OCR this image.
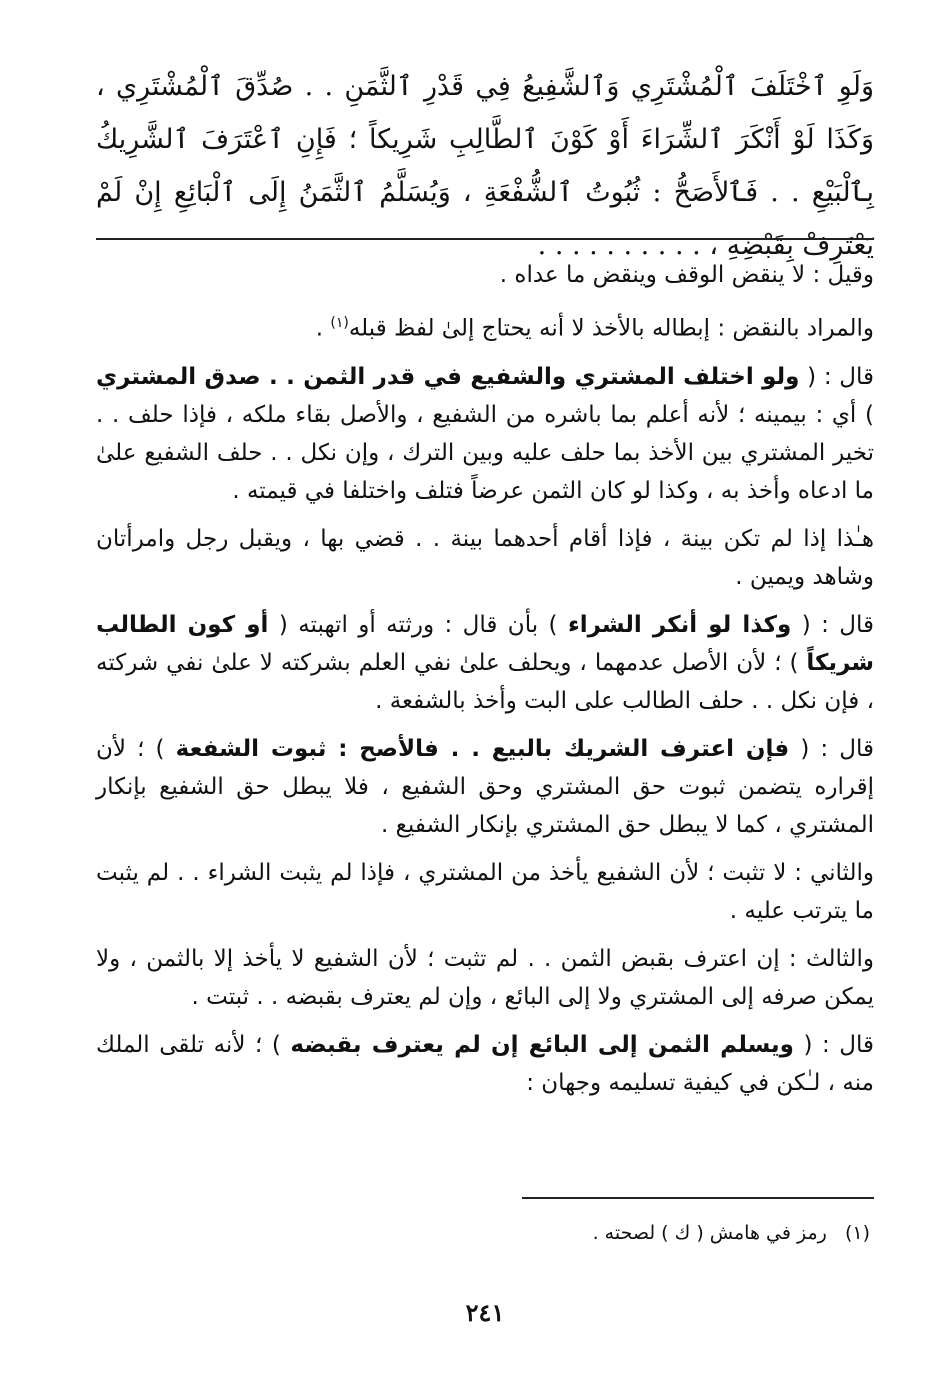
وَلَوِ ٱخْتَلَفَ ٱلْمُشْتَرِي وَٱلشَّفِيعُ فِي قَدْرِ ٱلثَّمَنِ . . صُدِّقَ ٱلْمُشْتَرِي ، وَكَذَا لَوْ أَنْكَرَ ٱلشِّرَاءَ أَوْ كَوْنَ ٱلطَّالِبِ شَرِيكاً ؛ فَإِنِ ٱعْتَرَفَ ٱلشَّرِيكُ بِٱلْبَيْعِ . . فَٱلأَصَحُّ : ثُبُوتُ ٱلشُّفْعَةِ ، وَيُسَلَّمُ ٱلثَّمَنُ إِلَى ٱلْبَائِعِ إِنْ لَمْ يَعْتَرِفْ بِقَبْضِهِ ، . . . . . . . . . .

وقيل : لا ينقض الوقف وينقض ما عداه .

والمراد بالنقض : إبطاله بالأخذ لا أنه يحتاج إلىٰ لفظ قبله$^{(١)}$ .

قال : ( ولو اختلف المشتري والشفيع في قدر الثمن . . صدق المشتري ) أي : بيمينه ؛ لأنه أعلم بما باشره من الشفيع ، والأصل بقاء ملكه ، فإذا حلف . . تخير المشتري بين الأخذ بما حلف عليه وبين الترك ، وإن نكل . . حلف الشفيع علىٰ ما ادعاه وأخذ به ، وكذا لو كان الثمن عرضاً فتلف واختلفا في قيمته .

هـٰذا إذا لم تكن بينة ، فإذا أقام أحدهما بينة . . قضي بها ، ويقبل رجل وامرأتان وشاهد ويمين .

قال : ( وكذا لو أنكر الشراء ) بأن قال : ورثته أو اتهبته ( أو كون الطالب شريكاً ) ؛ لأن الأصل عدمهما ، ويحلف علىٰ نفي العلم بشركته لا علىٰ نفي شركته ، فإن نكل . . حلف الطالب على البت وأخذ بالشفعة .

قال : ( فإن اعترف الشريك بالبيع . . فالأصح : ثبوت الشفعة ) ؛ لأن إقراره يتضمن ثبوت حق المشتري وحق الشفيع ، فلا يبطل حق الشفيع بإنكار المشتري ، كما لا يبطل حق المشتري بإنكار الشفيع .

والثاني : لا تثبت ؛ لأن الشفيع يأخذ من المشتري ، فإذا لم يثبت الشراء . . لم يثبت ما يترتب عليه .

والثالث : إن اعترف بقبض الثمن . . لم تثبت ؛ لأن الشفيع لا يأخذ إلا بالثمن ، ولا يمكن صرفه إلى المشتري ولا إلى البائع ، وإن لم يعترف بقبضه . . ثبتت .

قال : ( ويسلم الثمن إلى البائع إن لم يعترف بقبضه ) ؛ لأنه تلقى الملك منه ، لـٰكن في كيفية تسليمه وجهان :

(١)   رمز في هامش ( ك ) لصحته .

٢٤١
